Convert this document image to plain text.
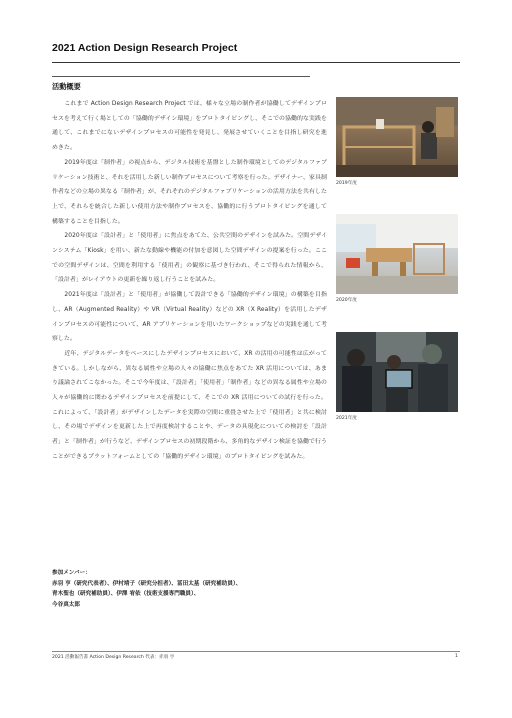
2021 Action Design Research Project
活動概要

これまで Action Design Research Project では、様々な立場の制作者が協働してデザインプロセスを考えて行く場としての「協働的デザイン環境」をプロトタイピングし、そこでの協働的な実践を通して、これまでにないデザインプロセスの可能性を発見し、発展させていくことを目指し研究を進めきた。

2019年度は「制作者」の視点から、デジタル技術を基盤とした制作環境としてのデジタルファブリケーション技術と、それを活用した新しい制作プロセスについて考察を行った。デザイナー、家具制作者などの立場の異なる「制作者」が、それぞれのデジタルファブリケーションの活用方法を共有した上で、それらを統合した新しい使用方法や制作プロセスを、協働的に行うプロトタイピングを通して構築することを目指した。

2020年度は「設計者」と「使用者」に焦点をあてた、公共空間のデザインを試みた。空間デザインシステム「Kiosk」を用い、新たな動線や機能の付加を意図した空間デザインの提案を行った。ここでの空間デザインは、空間を利用する「使用者」の観察に基づき行われ、そこで得られた情報から、「設計者」がレイアウトの更新を繰り返し行うことを試みた。

2021年度は「設計者」と「使用者」が協働して設計できる「協働的デザイン環境」の構築を目指し、AR（Augmented Reality）や VR（Virtual Reality）などの XR（X Reality）を活用したデザインプロセスの可能性について、AR アプリケーションを用いたワークショップなどの実践を通して考察した。

近年、デジタルデータをベースにしたデザインプロセスにおいて、XR の活用の可能性は広がってきている。しかしながら、異なる属性や立場の人々の協働に焦点をあてた XR 活用については、あまり議論されてこなかった。そこで今年度は、「設計者」「使用者」「制作者」などの異なる属性や立場の人々が協働的に関わるデザインプロセスを前提にして、そこでの XR 活用についての試行を行った。これによって、「設計者」がデザインしたデータを実際の空間に重畳させた上で「使用者」と共に検討し、その場でデザインを更新した上で再度検討することや、データの具現化についての検討を「設計者」と「制作者」が行うなど、デザインプロセスの初期段階から、多角的なデザイン検証を協働で行うことができるプラットフォームとしての「協働的デザイン環境」のプロトタイピングを試みた。

参加メンバー：
赤羽 亨（研究代表者）、伊村靖子（研究分担者）、冨田太基（研究補助員）、
青木聖也（研究補助員）、伊澤 宥依（技術支援専門職員）、
今谷真太郎
2019年度
2020年度
2021年度
2021 活動報告書 Action Design Research 代表：赤羽 亨	1
